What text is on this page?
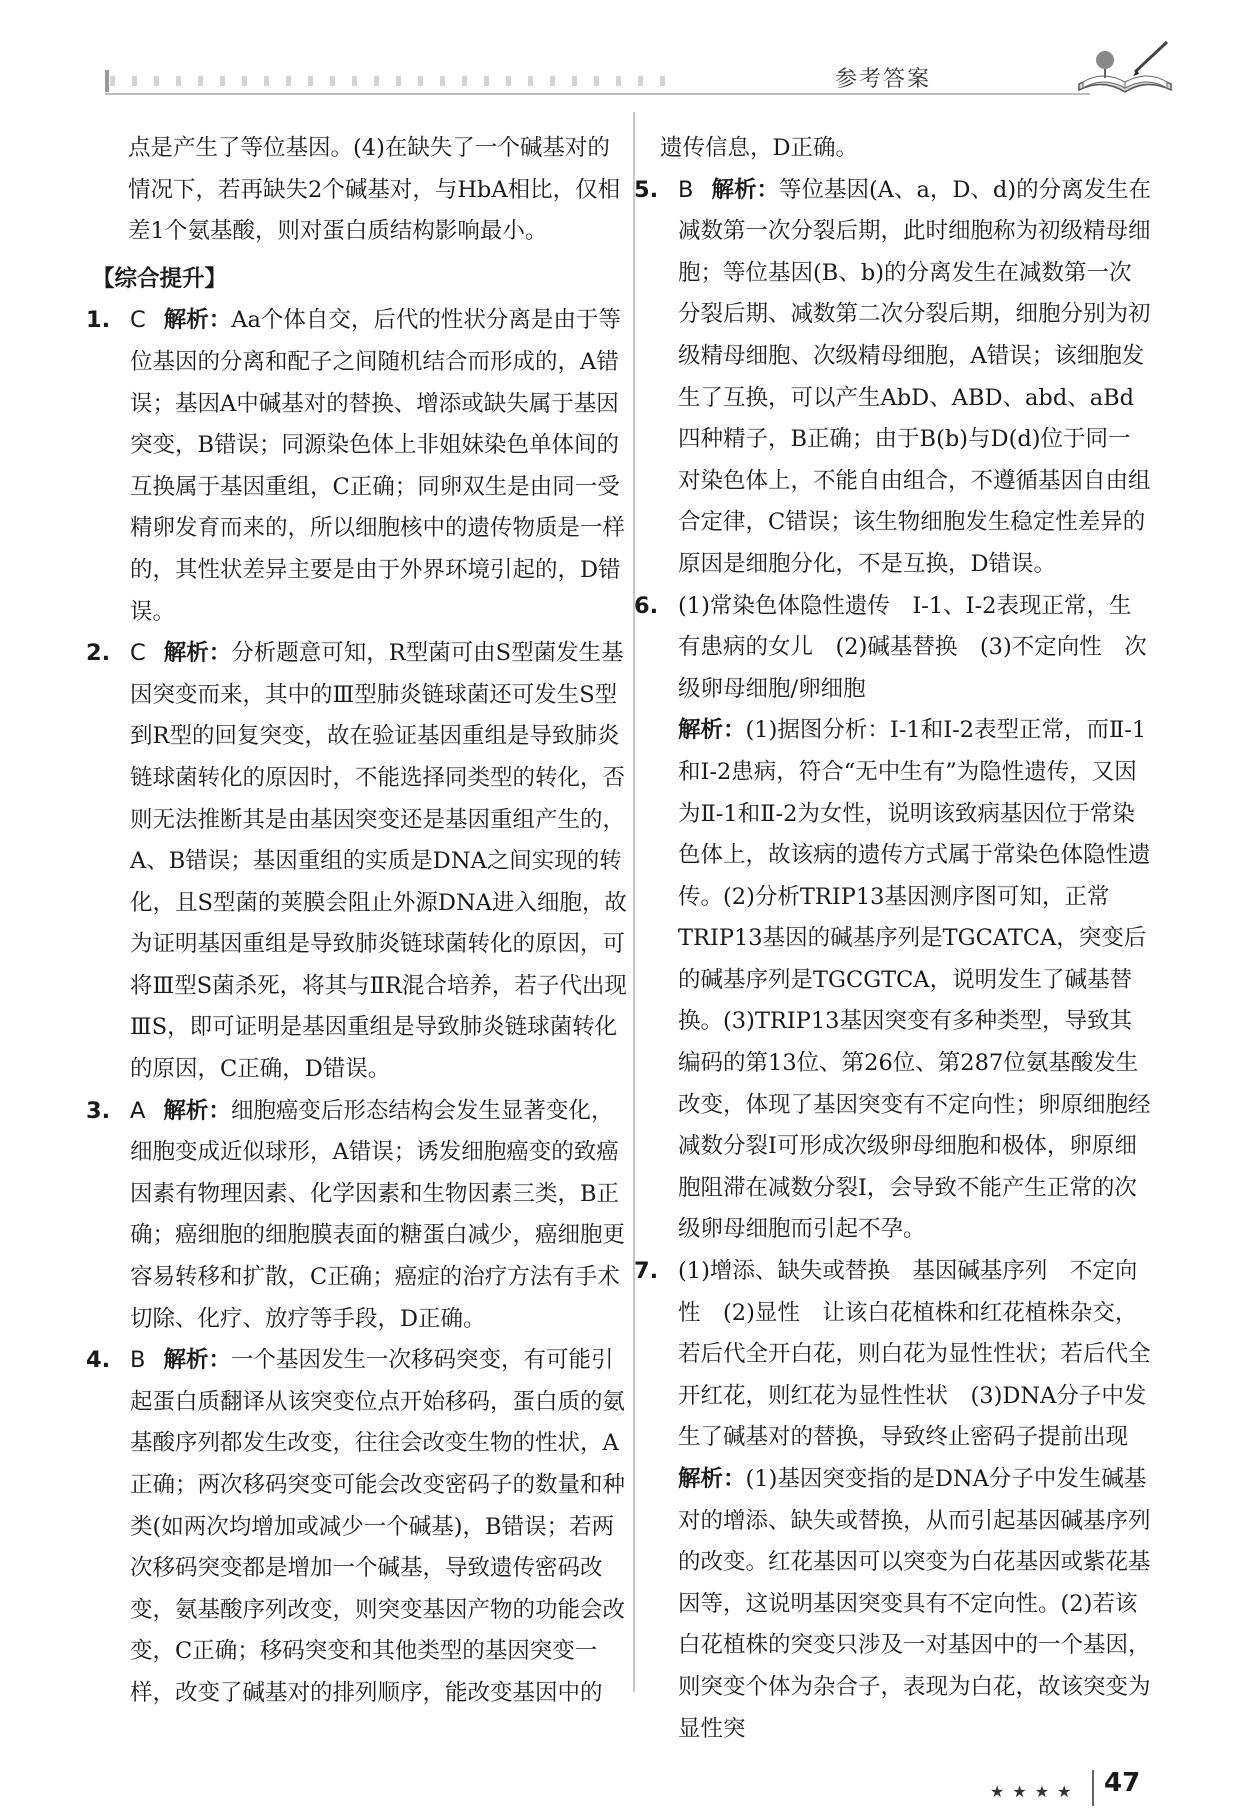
参考答案

点是产生了等位基因。(4)在缺失了一个碱基对的情况下，若再缺失2个碱基对，与HbA相比，仅相差1个氨基酸，则对蛋白质结构影响最小。

【综合提升】

1. C 解析：Aa个体自交，后代的性状分离是由于等位基因的分离和配子之间随机结合而形成的，A错误；基因A中碱基对的替换、增添或缺失属于基因突变，B错误；同源染色体上非姐妹染色单体间的互换属于基因重组，C正确；同卵双生是由同一受精卵发育而来的，所以细胞核中的遗传物质是一样的，其性状差异主要是由于外界环境引起的，D错误。

2. C 解析：分析题意可知，R型菌可由S型菌发生基因突变而来，其中的Ⅲ型肺炎链球菌还可发生S型到R型的回复突变，故在验证基因重组是导致肺炎链球菌转化的原因时，不能选择同类型的转化，否则无法推断其是由基因突变还是基因重组产生的，A、B错误；基因重组的实质是DNA之间实现的转化，且S型菌的荚膜会阻止外源DNA进入细胞，故为证明基因重组是导致肺炎链球菌转化的原因，可将Ⅲ型S菌杀死，将其与ⅡR混合培养，若子代出现ⅢS，即可证明是基因重组是导致肺炎链球菌转化的原因，C正确，D错误。

3. A 解析：细胞癌变后形态结构会发生显著变化，细胞变成近似球形，A错误；诱发细胞癌变的致癌因素有物理因素、化学因素和生物因素三类，B正确；癌细胞的细胞膜表面的糖蛋白减少，癌细胞更容易转移和扩散，C正确；癌症的治疗方法有手术切除、化疗、放疗等手段，D正确。

4. B 解析：一个基因发生一次移码突变，有可能引起蛋白质翻译从该突变位点开始移码，蛋白质的氨基酸序列都发生改变，往往会改变生物的性状，A正确；两次移码突变可能会改变密码子的数量和种类(如两次均增加或减少一个碱基)，B错误；若两次移码突变都是增加一个碱基，导致遗传密码改变，氨基酸序列改变，则突变基因产物的功能会改变，C正确；移码突变和其他类型的基因突变一样，改变了碱基对的排列顺序，能改变基因中的

遗传信息，D正确。

5. B 解析：等位基因(A、a，D、d)的分离发生在减数第一次分裂后期，此时细胞称为初级精母细胞；等位基因(B、b)的分离发生在减数第一次分裂后期、减数第二次分裂后期，细胞分别为初级精母细胞、次级精母细胞，A错误；该细胞发生了互换，可以产生AbD、ABD、abd、aBd四种精子，B正确；由于B(b)与D(d)位于同一对染色体上，不能自由组合，不遵循基因自由组合定律，C错误；该生物细胞发生稳定性差异的原因是细胞分化，不是互换，D错误。

6. (1)常染色体隐性遗传　Ⅰ-1、Ⅰ-2表现正常，生有患病的女儿　(2)碱基替换　(3)不定向性　次级卵母细胞/卵细胞
解析：(1)据图分析：Ⅰ-1和Ⅰ-2表型正常，而Ⅱ-1和Ⅰ-2患病，符合“无中生有”为隐性遗传，又因为Ⅱ-1和Ⅱ-2为女性，说明该致病基因位于常染色体上，故该病的遗传方式属于常染色体隐性遗传。(2)分析TRIP13基因测序图可知，正常TRIP13基因的碱基序列是TGCATCA，突变后的碱基序列是TGCGTCA，说明发生了碱基替换。(3)TRIP13基因突变有多种类型，导致其编码的第13位、第26位、第287位氨基酸发生改变，体现了基因突变有不定向性；卵原细胞经减数分裂Ⅰ可形成次级卵母细胞和极体，卵原细胞阻滞在减数分裂Ⅰ，会导致不能产生正常的次级卵母细胞而引起不孕。
7. (1)增添、缺失或替换　基因碱基序列　不定向性　(2)显性　让该白花植株和红花植株杂交，若后代全开白花，则白花为显性性状；若后代全开红花，则红花为显性性状　(3)DNA分子中发生了碱基对的替换，导致终止密码子提前出现
解析：(1)基因突变指的是DNA分子中发生碱基对的增添、缺失或替换，从而引起基因碱基序列的改变。红花基因可以突变为白花基因或紫花基因等，这说明基因突变具有不定向性。(2)若该白花植株的突变只涉及一对基因中的一个基因，则突变个体为杂合子，表现为白花，故该突变为显性突
★★★★ 47
